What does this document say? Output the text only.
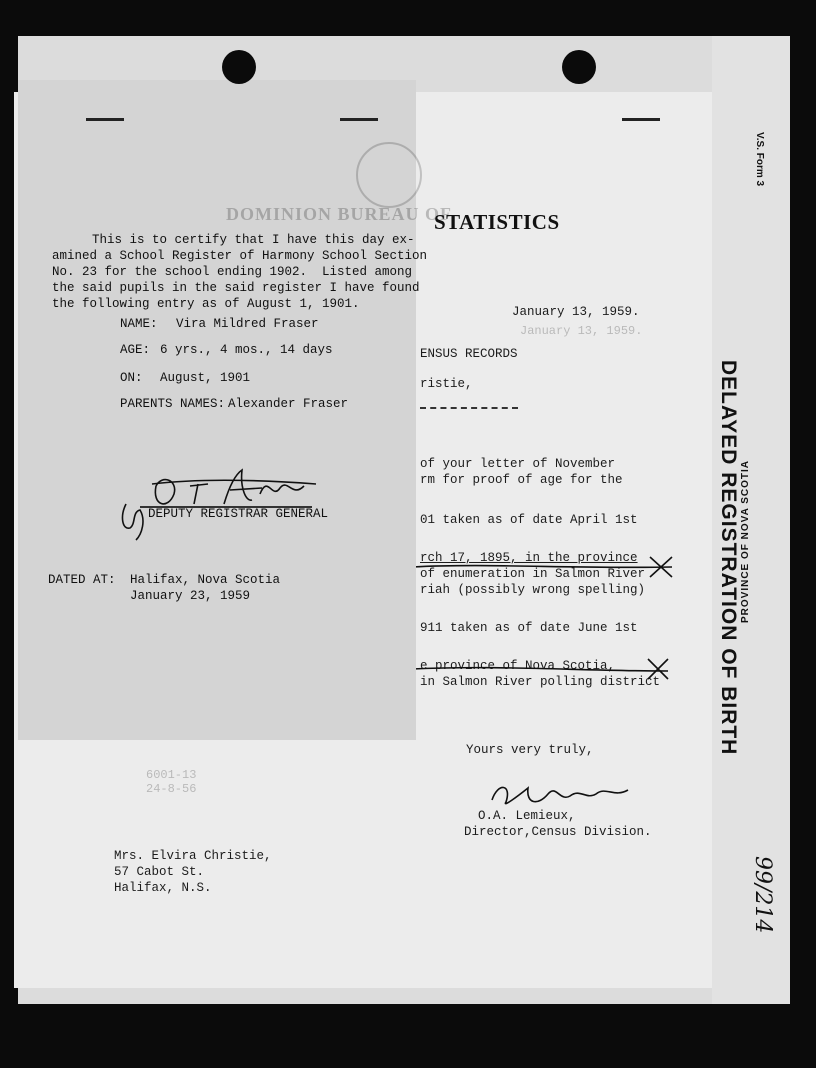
STATISTICS
January 13, 1959.
January 13, 1959.
ENSUS RECORDS
ristie,
of your letter of November
rm for proof of age for the
01 taken as of date April 1st
rch 17, 1895, in the province
of enumeration in Salmon River
riah (possibly wrong spelling)
911 taken as of date June 1st
e province of Nova Scotia,
in Salmon River polling district
Yours very truly,
O.A. Lemieux,
Director,Census Division.
6001-13
24-8-56
Mrs. Elvira Christie,
57 Cabot St.
Halifax, N.S.
DOMINION BUREAU OF
This is to certify that I have this day ex-
amined a School Register of Harmony School Section
No. 23 for the school ending 1902.  Listed among
the said pupils in the said register I have found
the following entry as of August 1, 1901.
NAME: Vira Mildred Fraser
AGE: 6 yrs., 4 mos., 14 days
ON: August, 1901
PARENTS NAMES: Alexander Fraser
DEPUTY REGISTRAR GENERAL
DATED AT: Halifax, Nova Scotia
January 23, 1959
V.S. Form 3
PROVINCE OF NOVA SCOTIA
DELAYED REGISTRATION OF BIRTH
99/214
